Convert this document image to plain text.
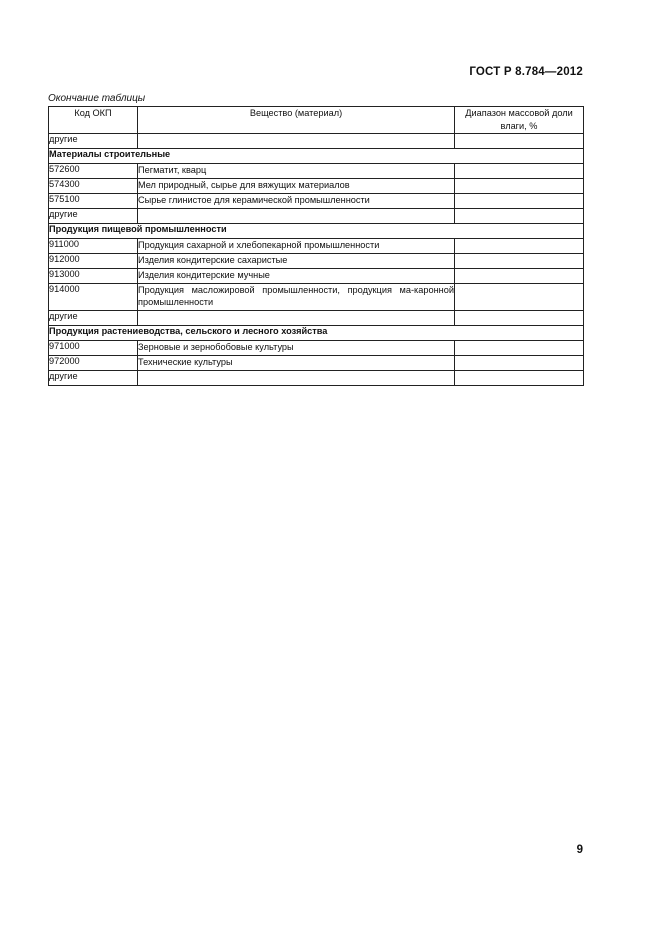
ГОСТ Р 8.784—2012
Окончание таблицы
Код ОКП	Вещество (материал)	Диапазон массовой доли влаги, %
другие		
Материалы строительные		
572600	Пегматит, кварц	
574300	Мел природный, сырье для вяжущих материалов	
575100	Сырье глинистое для керамической промышленности	
другие		
Продукция пищевой промышленности		
911000	Продукция сахарной и хлебопекарной промышленности	
912000	Изделия кондитерские сахаристые	
913000	Изделия кондитерские мучные	
914000	Продукция масложировой промышленности, продукция ма-каронной промышленности	
другие		
Продукция растениеводства, сельского и лесного хозяйства		
971000	Зерновые и зернобобовые культуры	
972000	Технические культуры	
другие		
9
